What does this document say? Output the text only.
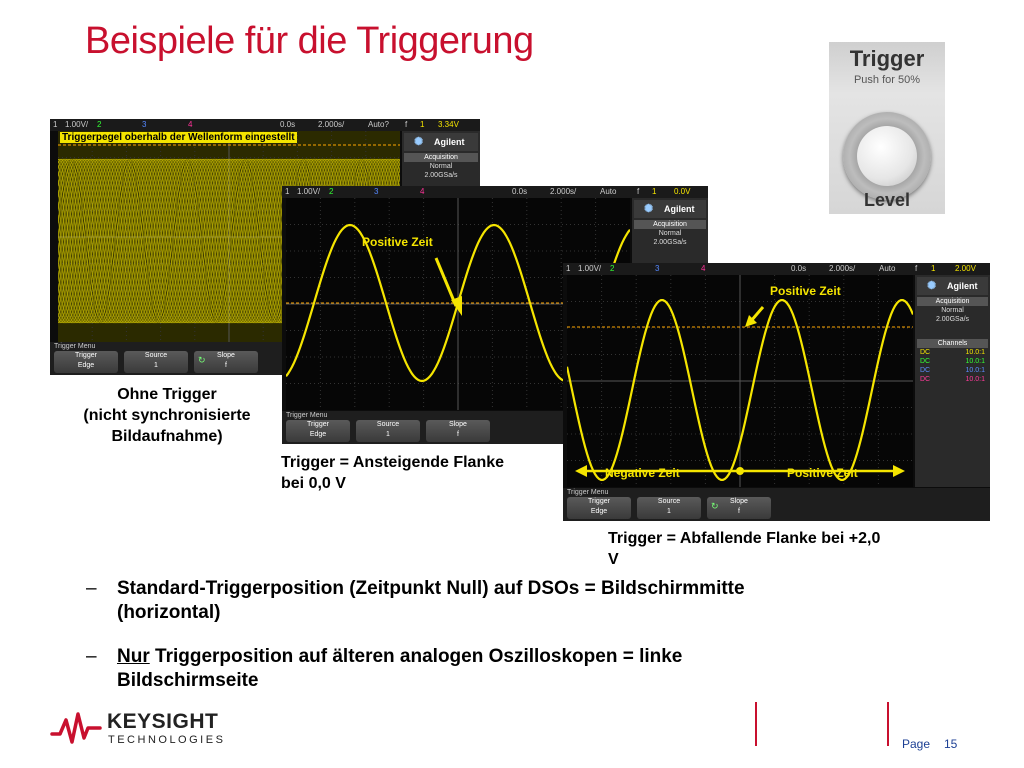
Beispiele für die Triggerung	Trigger
Push for 50%
Level
1 1.00V/ 2	3	4	0.0s	2.000s/	Auto? f 1 3.34V
Triggerpegel oberhalb der Wellenform eingestellt	✺ Agilent
Acquisition
Normal
2.00GSa/s
Trigger Menu
Trigger
Edge
Source
1
↻	Slope
f
Ohne Trigger
(nicht synchronisierte
Bildaufnahme)
1 1.00V/ 2	3	4	0.0s	2.000s/	Auto	f 1 0.0V
Positive Zeit
✺ Agilent
Acquisition
Normal
2.00GSa/s
Trigger Menu
Trigger
Edge
Source
1
Slope
f
Trigger = Ansteigende Flanke
bei 0,0 V
1 1.00V/ 2	3	4	0.0s	2.000s/	Auto f 1 2.00V
Positive Zeit
Negative Zeit	Positive Zeit
✺ Agilent
Acquisition
Normal
2.00GSa/s
Channels
DC	10.0:1
DC	10.0:1
DC	10.0:1
DC	10.0:1
Trigger Menu
Trigger
Edge
Source
1
↻	Slope
f
Trigger = Abfallende Flanke bei +2,0
V
– Standard-Triggerposition (Zeitpunkt Null) auf DSOs = Bildschirmmitte
(horizontal)
– Nur Triggerposition auf älteren analogen Oszilloskopen = linke
Bildschirmseite
KEYSIGHT
TECHNOLOGIES	Page 15
